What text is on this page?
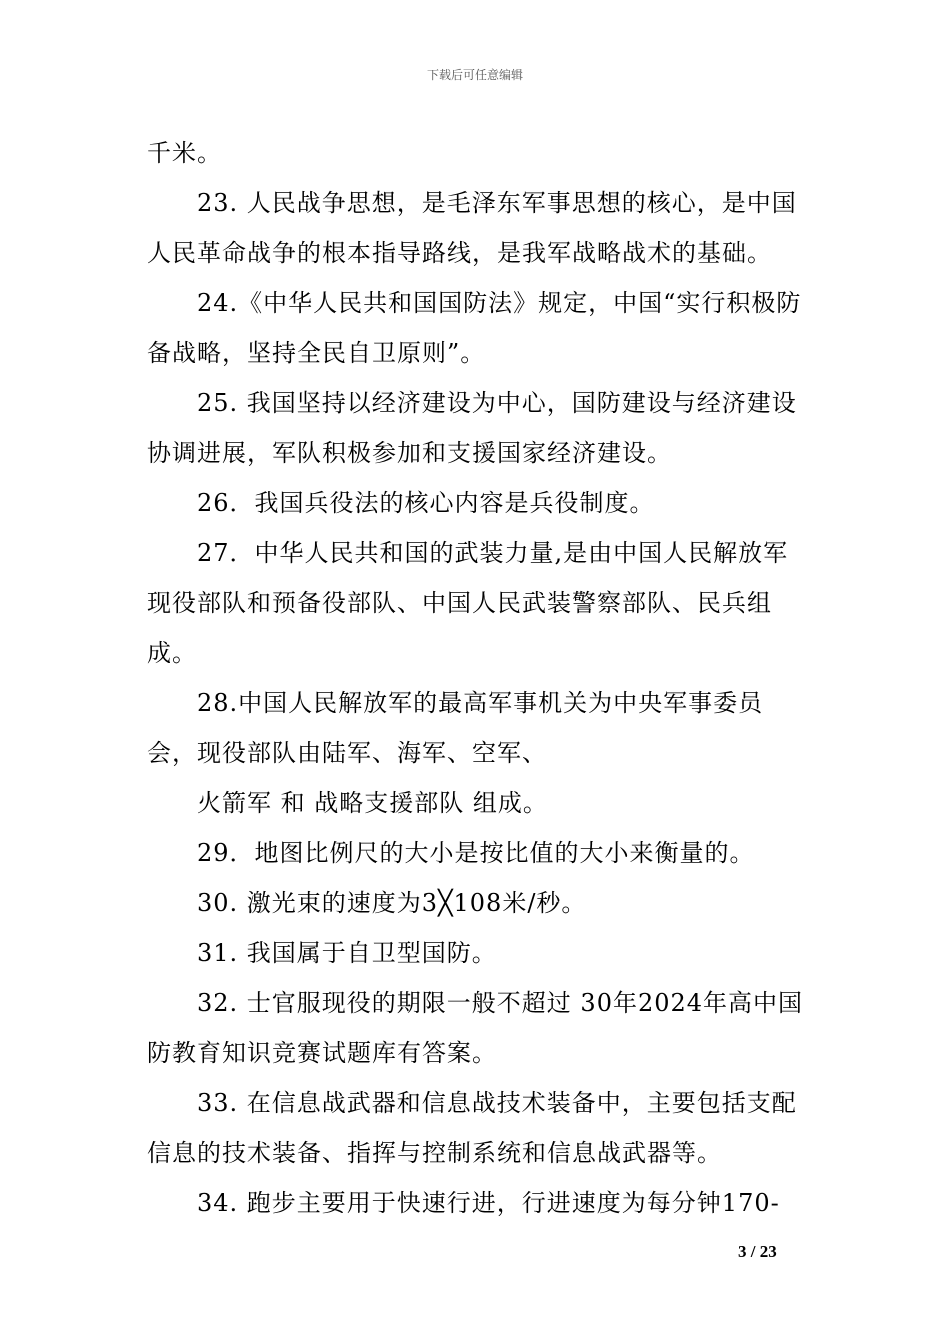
下载后可任意编辑

千米。

23. 人民战争思想，是毛泽东军事思想的核心，是中国人民革命战争的根本指导路线，是我军战略战术的基础。

24.《中华人民共和国国防法》规定，中国“实行积极防备战略，坚持全民自卫原则”。

25. 我国坚持以经济建设为中心，国防建设与经济建设协调进展，军队积极参加和支援国家经济建设。

26．我国兵役法的核心内容是兵役制度。

27．中华人民共和国的武装力量,是由中国人民解放军现役部队和预备役部队、中国人民武装警察部队、民兵组成。

28.中国人民解放军的最高军事机关为中央军事委员会，现役部队由陆军、海军、空军、

火箭军 和 战略支援部队 组成。

29．地图比例尺的大小是按比值的大小来衡量的。

30. 激光束的速度为3╳108米/秒。

31. 我国属于自卫型国防。

32. 士官服现役的期限一般不超过 30年2024年高中国防教育知识竞赛试题库有答案。

33. 在信息战武器和信息战技术装备中，主要包括支配信息的技术装备、指挥与控制系统和信息战武器等。

34. 跑步主要用于快速行进，行进速度为每分钟170-

3 / 23
